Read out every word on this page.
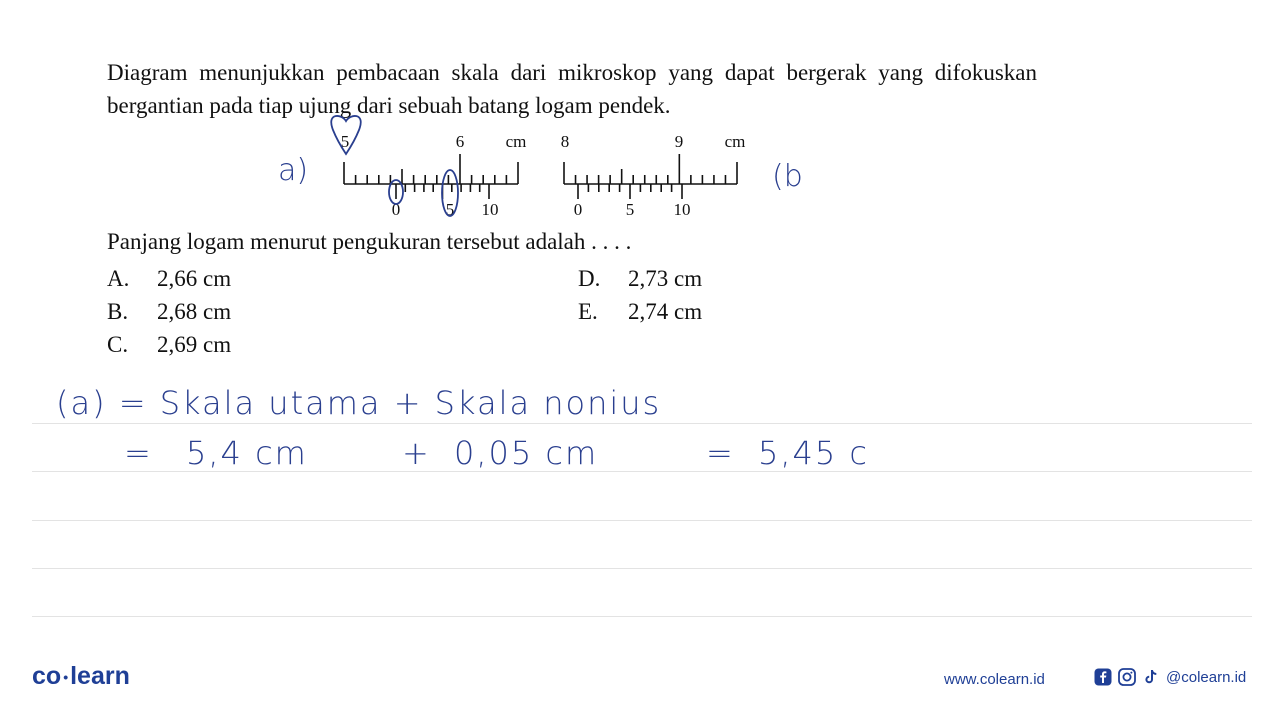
Diagram menunjukkan pembacaan skala dari mikroskop yang dapat bergerak yang difokuskan bergantian pada tiap ujung dari sebuah batang logam pendek.
5	6 cm
0	5 10
8	9 cm
0	5 10
a)	(b
Panjang logam menurut pengukuran tersebut adalah . . . .
A. 2,66 cm
B. 2,68 cm
C. 2,69 cm
D. 2,73 cm
E. 2,74 cm
(a) = Skala utama + Skala nonius
= 5,4 cm	+ 0,05 cm	= 5,45 c
co •learn	www.colearn.id	@colearn.id
